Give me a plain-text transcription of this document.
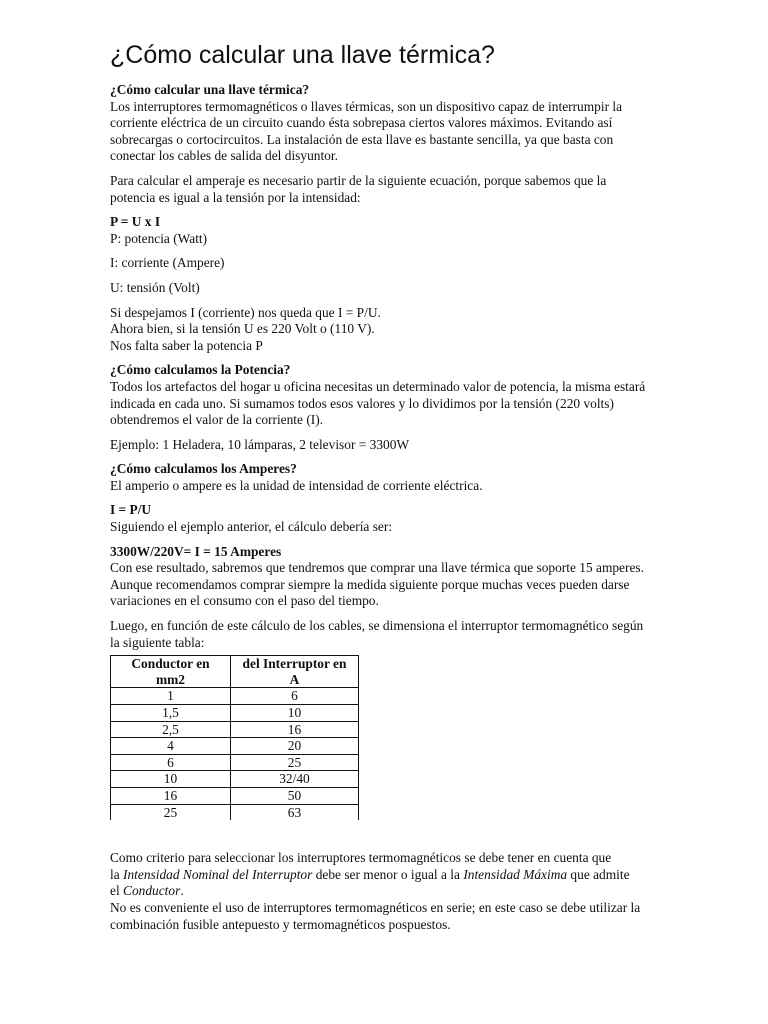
¿Cómo calcular una llave térmica?

¿Cómo calcular una llave térmica?
Los interruptores termomagnéticos o llaves térmicas, son un dispositivo capaz de interrumpir la
corriente eléctrica de un circuito cuando ésta sobrepasa ciertos valores máximos. Evitando así
sobrecargas o cortocircuitos. La instalación de esta llave es bastante sencilla, ya que basta con
conectar los cables de salida del disyuntor.

Para calcular el amperaje es necesario partir de la siguiente ecuación, porque sabemos que la
potencia es igual a la tensión por la intensidad:

P = U x I
P: potencia (Watt)

I: corriente (Ampere)

U: tensión (Volt)

Si despejamos I (corriente) nos queda que I = P/U.
Ahora bien, si la tensión U es 220 Volt o (110 V).
Nos falta saber la potencia P

¿Cómo calculamos la Potencia?
Todos los artefactos del hogar u oficina necesitas un determinado valor de potencia, la misma estará
indicada en cada uno. Si sumamos todos esos valores y lo dividimos por la tensión (220 volts)
obtendremos el valor de la corriente (I).

Ejemplo: 1 Heladera, 10 lámparas, 2 televisor = 3300W

¿Cómo calculamos los Amperes?
El amperio o ampere es la unidad de intensidad de corriente eléctrica.

I = P/U
Siguiendo el ejemplo anterior, el cálculo debería ser:

3300W/220V= I = 15 Amperes
Con ese resultado, sabremos que tendremos que comprar una llave térmica que soporte 15 amperes.
Aunque recomendamos comprar siempre la medida siguiente porque muchas veces pueden darse
variaciones en el consumo con el paso del tiempo.

Luego, en función de este cálculo de los cables, se dimensiona el interruptor termomagnético según
la siguiente tabla:

Conductor en mm2	del Interruptor en A
1	6
1,5	10
2,5	16
4	20
6	25
10	32/40
16	50
25	63

Como criterio para seleccionar los interruptores termomagnéticos se debe tener en cuenta que
la Intensidad Nominal del Interruptor debe ser menor o igual a la Intensidad Máxima que admite
el Conductor.
No es conveniente el uso de interruptores termomagnéticos en serie; en este caso se debe utilizar la
combinación fusible antepuesto y termomagnéticos pospuestos.
